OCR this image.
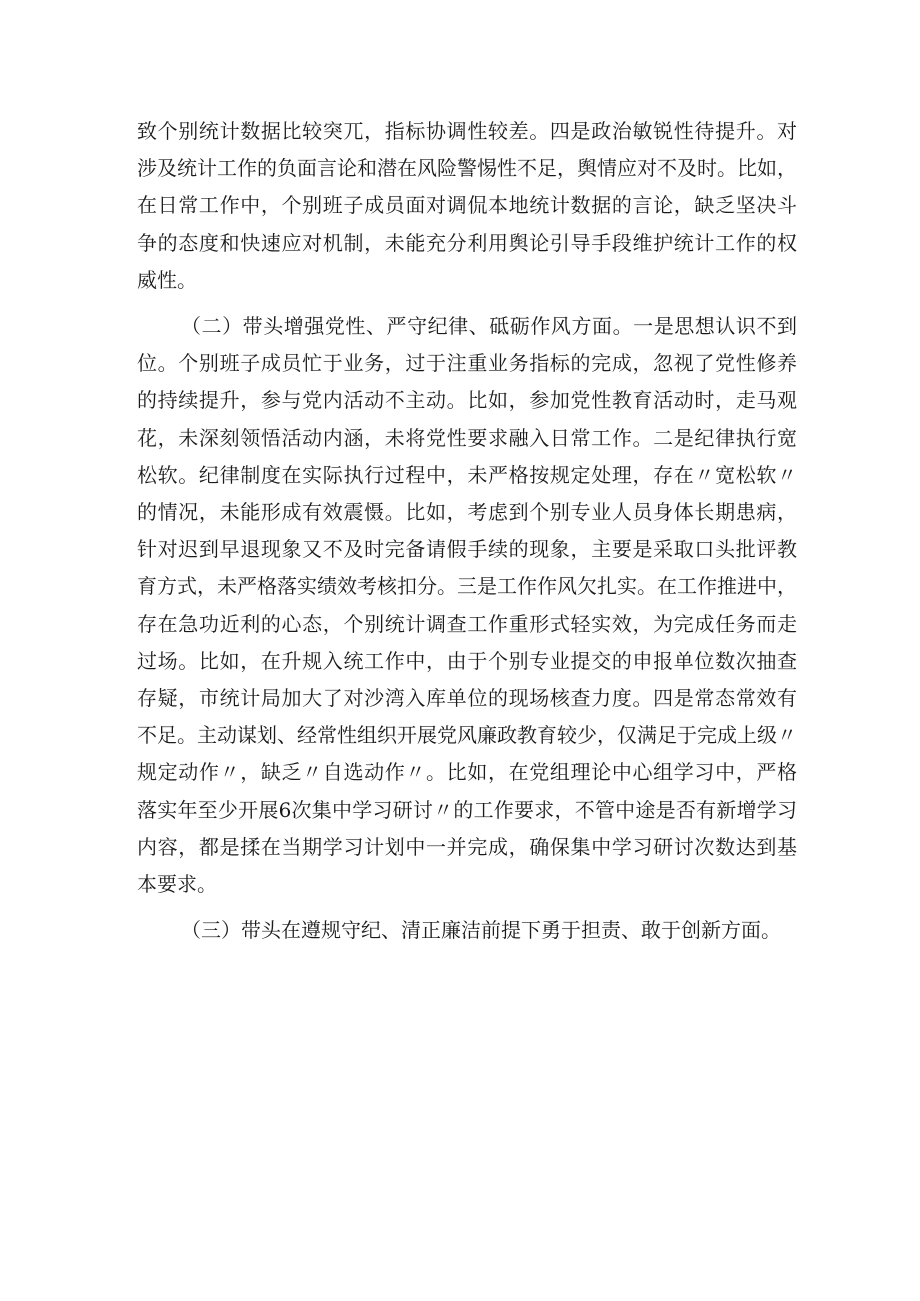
致个别统计数据比较突兀，指标协调性较差。四是政治敏锐性待提升。对
涉及统计工作的负面言论和潜在风险警惕性不足，舆情应对不及时。比如，
在日常工作中，个别班子成员面对调侃本地统计数据的言论，缺乏坚决斗
争的态度和快速应对机制，未能充分利用舆论引导手段维护统计工作的权
威性。

（二）带头增强党性、严守纪律、砥砺作风方面。一是思想认识不到
位。个别班子成员忙于业务，过于注重业务指标的完成，忽视了党性修养
的持续提升，参与党内活动不主动。比如，参加党性教育活动时，走马观
花，未深刻领悟活动内涵，未将党性要求融入日常工作。二是纪律执行宽
松软。纪律制度在实际执行过程中，未严格按规定处理，存在〃宽松软〃
的情况，未能形成有效震慑。比如，考虑到个别专业人员身体长期患病，
针对迟到早退现象又不及时完备请假手续的现象，主要是采取口头批评教
育方式，未严格落实绩效考核扣分。三是工作作风欠扎实。在工作推进中，
存在急功近利的心态，个别统计调查工作重形式轻实效，为完成任务而走
过场。比如，在升规入统工作中，由于个别专业提交的申报单位数次抽查
存疑，市统计局加大了对沙湾入库单位的现场核查力度。四是常态常效有
不足。主动谋划、经常性组织开展党风廉政教育较少，仅满足于完成上级〃
规定动作〃，缺乏〃自选动作〃。比如，在党组理论中心组学习中，严格
落实年至少开展6次集中学习研讨〃的工作要求，不管中途是否有新增学习
内容，都是揉在当期学习计划中一并完成，确保集中学习研讨次数达到基
本要求。

（三）带头在遵规守纪、清正廉洁前提下勇于担责、敢于创新方面。
